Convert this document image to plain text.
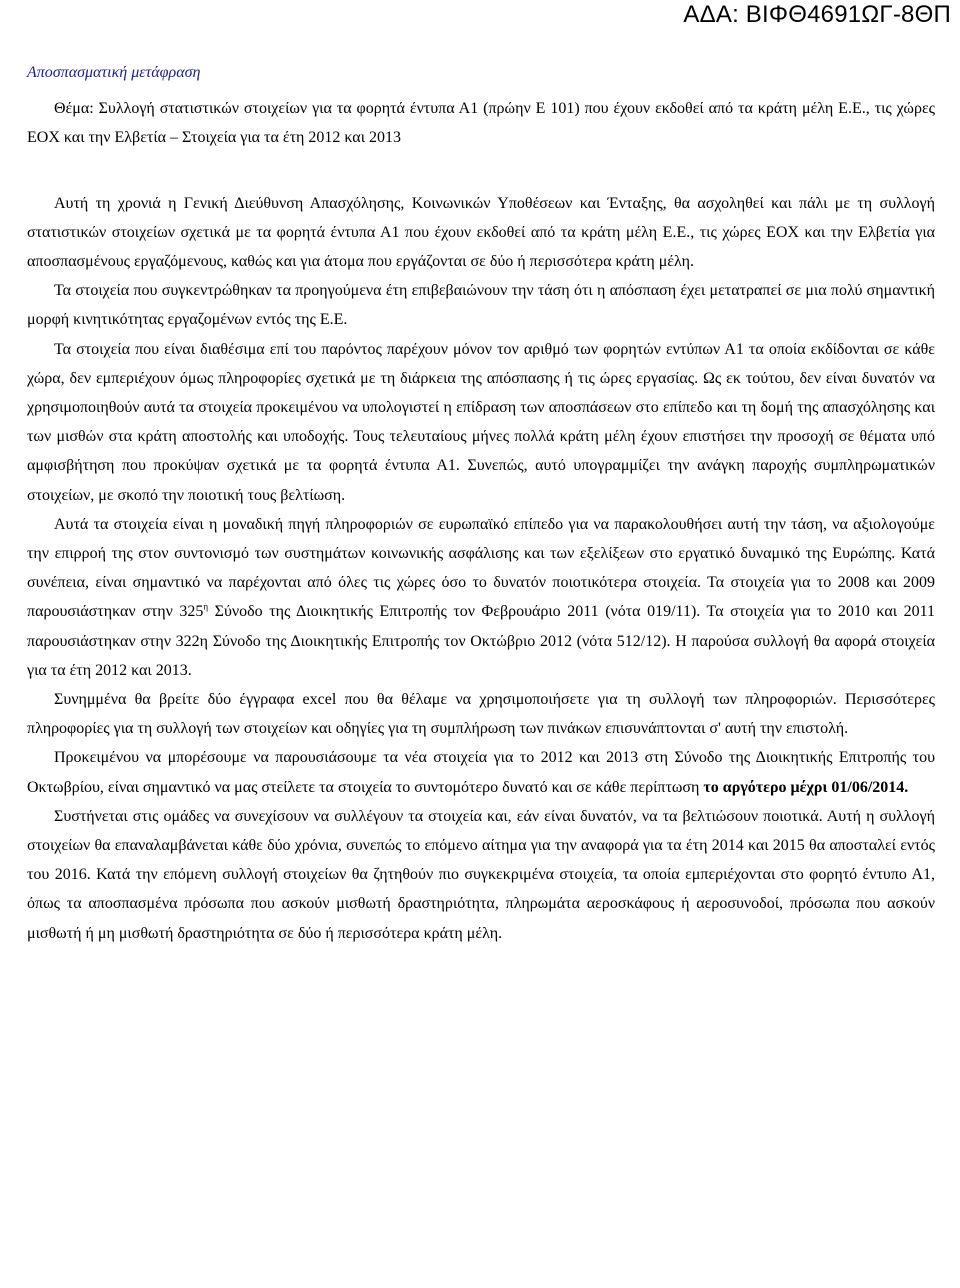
ΑΔΑ: ΒΙΦΘ4691ΩΓ-8ΘΠ
Αποσπασματική μετάφραση

Θέμα: Συλλογή στατιστικών στοιχείων για τα φορητά έντυπα Α1 (πρώην Ε 101) που έχουν εκδοθεί από τα κράτη μέλη Ε.Ε., τις χώρες ΕΟΧ και την Ελβετία – Στοιχεία για τα έτη 2012 και 2013

Αυτή τη χρονιά η Γενική Διεύθυνση Απασχόλησης, Κοινωνικών Υποθέσεων και Ένταξης, θα ασχοληθεί και πάλι με τη συλλογή στατιστικών στοιχείων σχετικά με τα φορητά έντυπα Α1 που έχουν εκδοθεί από τα κράτη μέλη Ε.Ε., τις χώρες ΕΟΧ και την Ελβετία για αποσπασμένους εργαζόμενους, καθώς και για άτομα που εργάζονται σε δύο ή περισσότερα κράτη μέλη.

Τα στοιχεία που συγκεντρώθηκαν τα προηγούμενα έτη επιβεβαιώνουν την τάση ότι η απόσπαση έχει μετατραπεί σε μια πολύ σημαντική μορφή κινητικότητας εργαζομένων εντός της Ε.Ε.

Τα στοιχεία που είναι διαθέσιμα επί του παρόντος παρέχουν μόνον τον αριθμό των φορητών εντύπων Α1 τα οποία εκδίδονται σε κάθε χώρα, δεν εμπεριέχουν όμως πληροφορίες σχετικά με τη διάρκεια της απόσπασης ή τις ώρες εργασίας. Ως εκ τούτου, δεν είναι δυνατόν να χρησιμοποιηθούν αυτά τα στοιχεία προκειμένου να υπολογιστεί η επίδραση των αποσπάσεων στο επίπεδο και τη δομή της απασχόλησης και των μισθών στα κράτη αποστολής και υποδοχής. Τους τελευταίους μήνες πολλά κράτη μέλη έχουν επιστήσει την προσοχή σε θέματα υπό αμφισβήτηση που προκύψαν σχετικά με τα φορητά έντυπα Α1. Συνεπώς, αυτό υπογραμμίζει την ανάγκη παροχής συμπληρωματικών στοιχείων, με σκοπό την ποιοτική τους βελτίωση.

Αυτά τα στοιχεία είναι η μοναδική πηγή πληροφοριών σε ευρωπαϊκό επίπεδο για να παρακολουθήσει αυτή την τάση, να αξιολογούμε την επιρροή της στον συντονισμό των συστημάτων κοινωνικής ασφάλισης και των εξελίξεων στο εργατικό δυναμικό της Ευρώπης. Κατά συνέπεια, είναι σημαντικό να παρέχονται από όλες τις χώρες όσο το δυνατόν ποιοτικότερα στοιχεία. Τα στοιχεία για το 2008 και 2009 παρουσιάστηκαν στην $325^\eta$ Σύνοδο της Διοικητικής Επιτροπής τον Φεβρουάριο 2011 (νότα 019/11). Τα στοιχεία για τo 2010 και 2011 παρουσιάστηκαν στην 322η Σύνοδο της Διοικητικής Επιτροπής τον Οκτώβριο 2012 (νότα 512/12). Η παρούσα συλλογή θα αφορά στοιχεία για τα έτη 2012 και 2013.

Συνημμένα θα βρείτε δύο έγγραφα excel που θα θέλαμε να χρησιμοποιήσετε για τη συλλογή των πληροφοριών. Περισσότερες πληροφορίες για τη συλλογή των στοιχείων και οδηγίες για τη συμπλήρωση των πινάκων επισυνάπτονται σ' αυτή την επιστολή.

Προκειμένου να μπορέσουμε να παρουσιάσουμε τα νέα στοιχεία για το 2012 και 2013 στη Σύνοδο της Διοικητικής Επιτροπής του Οκτωβρίου, είναι σημαντικό να μας στείλετε τα στοιχεία το συντομότερο δυνατό και σε κάθε περίπτωση το αργότερο μέχρι 01/06/2014.

Συστήνεται στις ομάδες να συνεχίσουν να συλλέγουν τα στοιχεία και, εάν είναι δυνατόν, να τα βελτιώσουν ποιοτικά. Αυτή η συλλογή στοιχείων θα επαναλαμβάνεται κάθε δύο χρόνια, συνεπώς το επόμενο αίτημα για την αναφορά για τα έτη 2014 και 2015 θα αποσταλεί εντός του 2016. Κατά την επόμενη συλλογή στοιχείων θα ζητηθούν πιο συγκεκριμένα στοιχεία, τα οποία εμπεριέχονται στο φορητό έντυπο Α1, όπως τα αποσπασμένα πρόσωπα που ασκούν μισθωτή δραστηριότητα, πληρωμάτα αεροσκάφους ή αεροσυνοδοί, πρόσωπα που ασκούν μισθωτή ή μη μισθωτή δραστηριότητα σε δύο ή περισσότερα κράτη μέλη.
